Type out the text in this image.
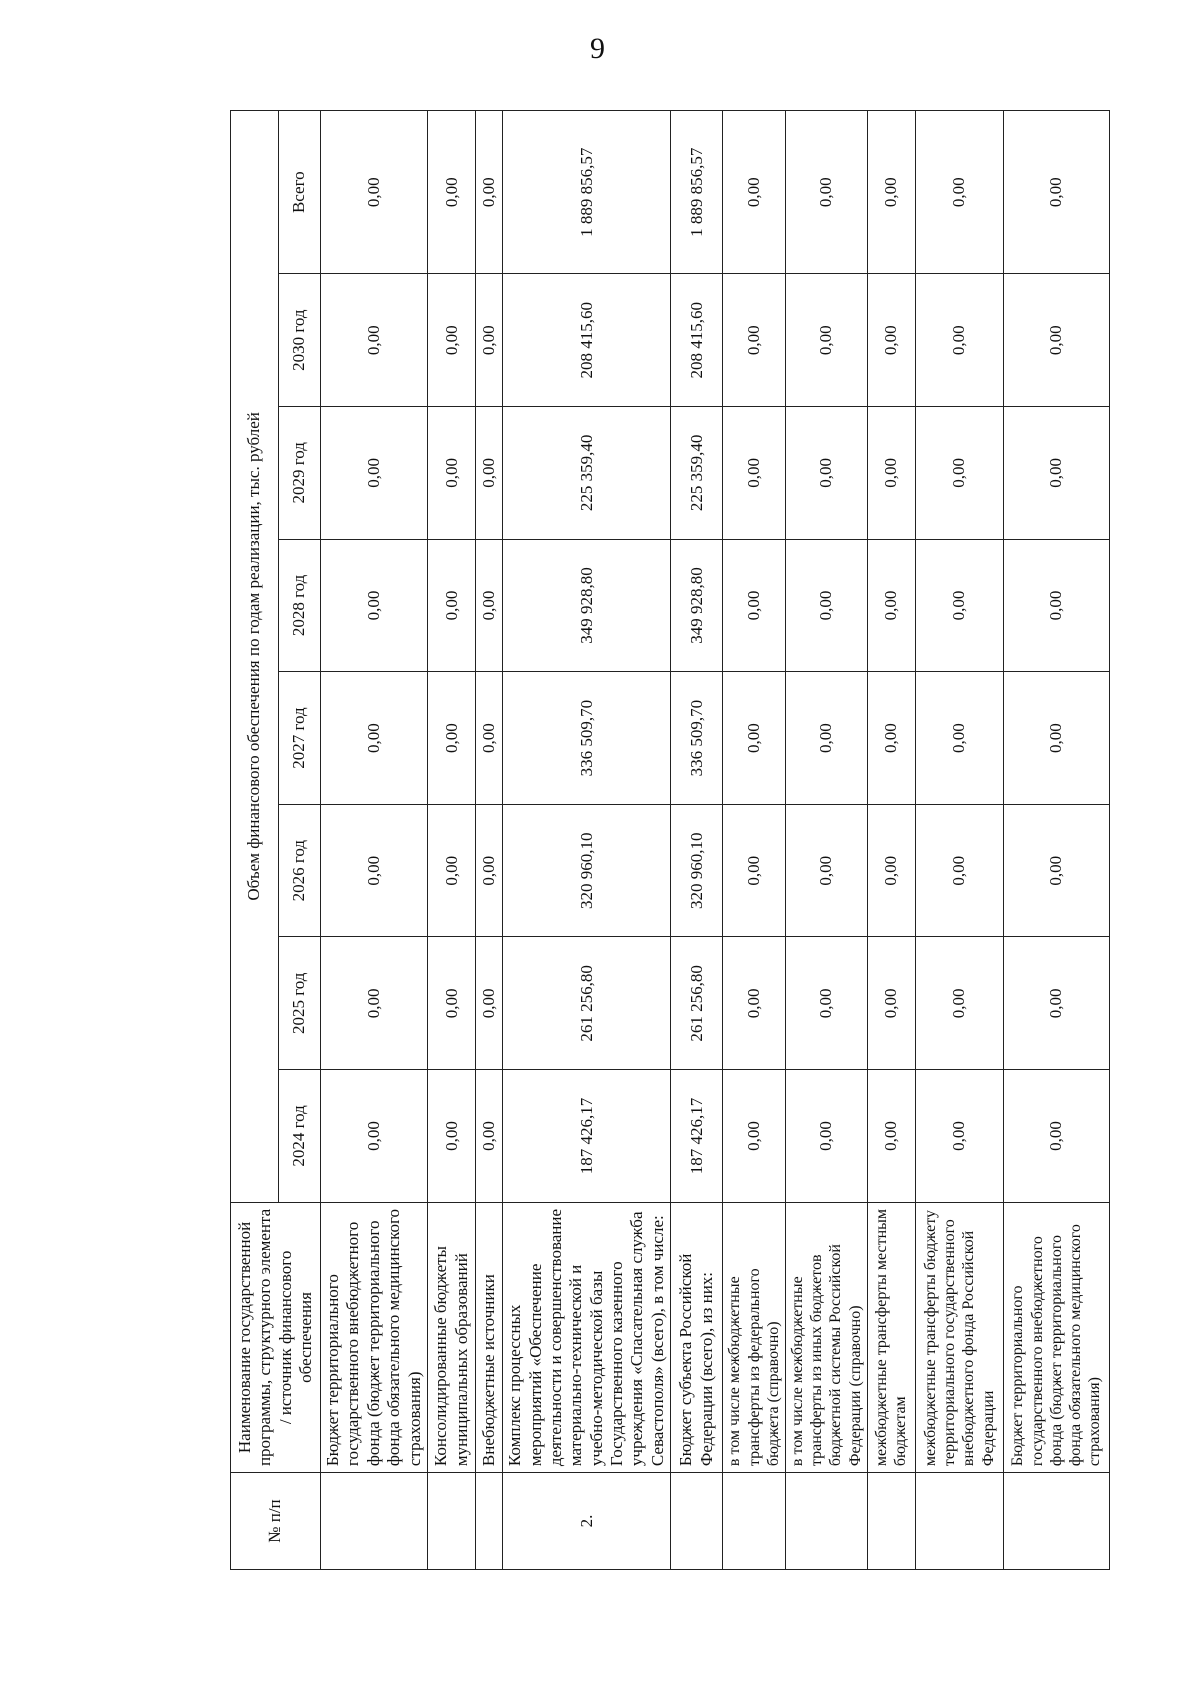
9
№ п/п	Наименование государственной программы, структурного элемента / источник финансового обеспечения	Объем финансового обеспечения по годам реализации, тыс. рублей							
		2024 год	2025 год	2026 год	2027 год	2028 год	2029 год	2030 год	Всего
	Бюджет территориального государственного внебюджетного фонда (бюджет территориального фонда обязательного медицинского страхования)	0,00	0,00	0,00	0,00	0,00	0,00	0,00	0,00
	Консолидированные бюджеты муниципальных образований	0,00	0,00	0,00	0,00	0,00	0,00	0,00	0,00
	Внебюджетные источники	0,00	0,00	0,00	0,00	0,00	0,00	0,00	0,00
2.	Комплекс процессных мероприятий «Обеспечение деятельности и совершенствование материально-технической и учебно-методической базы Государственного казенного учреждения «Спасательная служба Севастополя» (всего), в том числе:	187 426,17	261 256,80	320 960,10	336 509,70	349 928,80	225 359,40	208 415,60	1 889 856,57
	Бюджет субъекта Российской Федерации (всего), из них:	187 426,17	261 256,80	320 960,10	336 509,70	349 928,80	225 359,40	208 415,60	1 889 856,57
	в том числе межбюджетные трансферты из федерального бюджета (справочно)	0,00	0,00	0,00	0,00	0,00	0,00	0,00	0,00
	в том числе межбюджетные трансферты из иных бюджетов бюджетной системы Российской Федерации (справочно)	0,00	0,00	0,00	0,00	0,00	0,00	0,00	0,00
	межбюджетные трансферты местным бюджетам	0,00	0,00	0,00	0,00	0,00	0,00	0,00	0,00
	межбюджетные трансферты бюджету территориального государственного внебюджетного фонда Российской Федерации	0,00	0,00	0,00	0,00	0,00	0,00	0,00	0,00
	Бюджет территориального государственного внебюджетного фонда (бюджет территориального фонда обязательного медицинского страхования)	0,00	0,00	0,00	0,00	0,00	0,00	0,00	0,00
